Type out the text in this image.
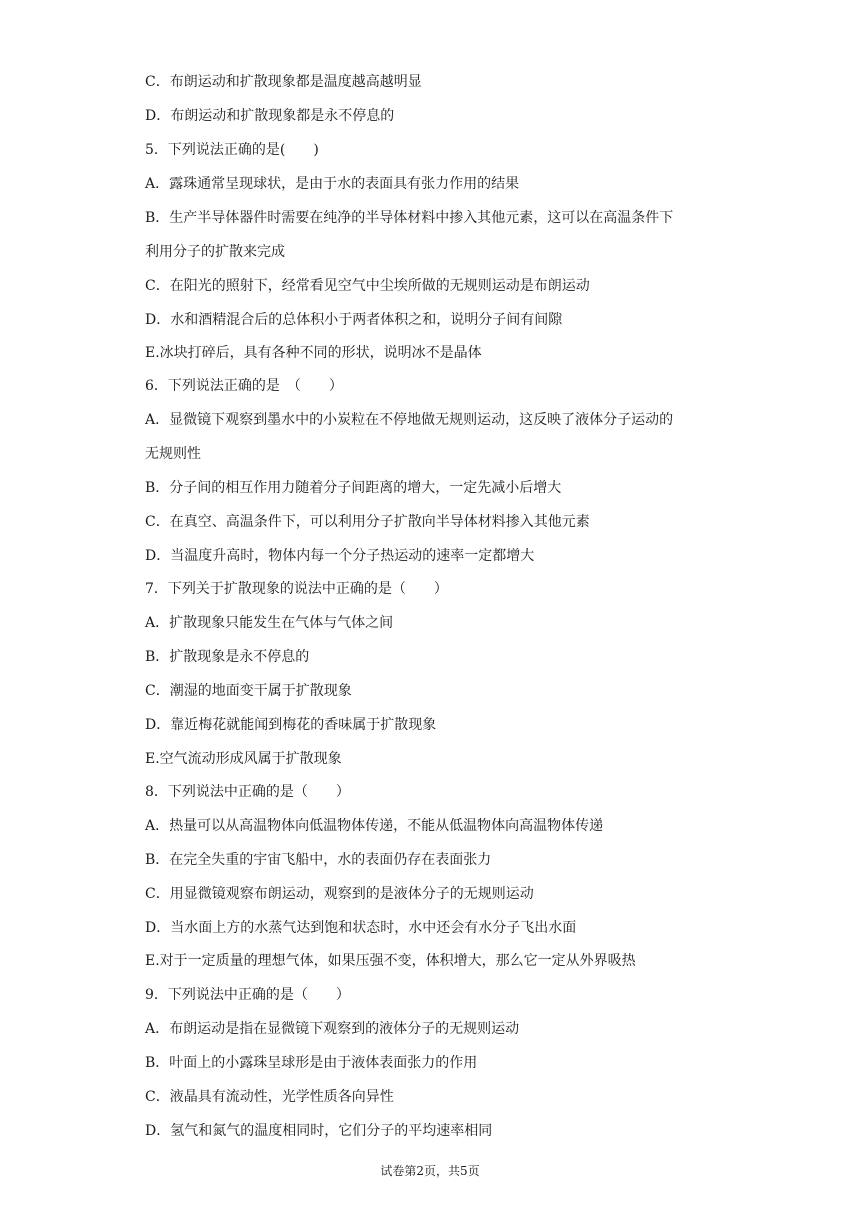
C．布朗运动和扩散现象都是温度越高越明显
D．布朗运动和扩散现象都是永不停息的
5．下列说法正确的是(　　)
A．露珠通常呈现球状，是由于水的表面具有张力作用的结果
B．生产半导体器件时需要在纯净的半导体材料中掺入其他元素，这可以在高温条件下
利用分子的扩散来完成
C．在阳光的照射下，经常看见空气中尘埃所做的无规则运动是布朗运动
D．水和酒精混合后的总体积小于两者体积之和，说明分子间有间隙
E.冰块打碎后，具有各种不同的形状，说明冰不是晶体
6．下列说法正确的是　（　　）
A．显微镜下观察到墨水中的小炭粒在不停地做无规则运动，这反映了液体分子运动的
无规则性
B．分子间的相互作用力随着分子间距离的增大，一定先减小后增大
C．在真空、高温条件下，可以利用分子扩散向半导体材料掺入其他元素
D．当温度升高时，物体内每一个分子热运动的速率一定都增大
7．下列关于扩散现象的说法中正确的是（　　）
A．扩散现象只能发生在气体与气体之间
B．扩散现象是永不停息的
C．潮湿的地面变干属于扩散现象
D．靠近梅花就能闻到梅花的香味属于扩散现象
E.空气流动形成风属于扩散现象
8．下列说法中正确的是（　　）
A．热量可以从高温物体向低温物体传递，不能从低温物体向高温物体传递
B．在完全失重的宇宙飞船中，水的表面仍存在表面张力
C．用显微镜观察布朗运动，观察到的是液体分子的无规则运动
D．当水面上方的水蒸气达到饱和状态时，水中还会有水分子飞出水面
E.对于一定质量的理想气体，如果压强不变，体积增大，那么它一定从外界吸热
9．下列说法中正确的是（　　）
A．布朗运动是指在显微镜下观察到的液体分子的无规则运动
B．叶面上的小露珠呈球形是由于液体表面张力的作用
C．液晶具有流动性，光学性质各向异性
D．氢气和氮气的温度相同时，它们分子的平均速率相同
试卷第2页，共5页
